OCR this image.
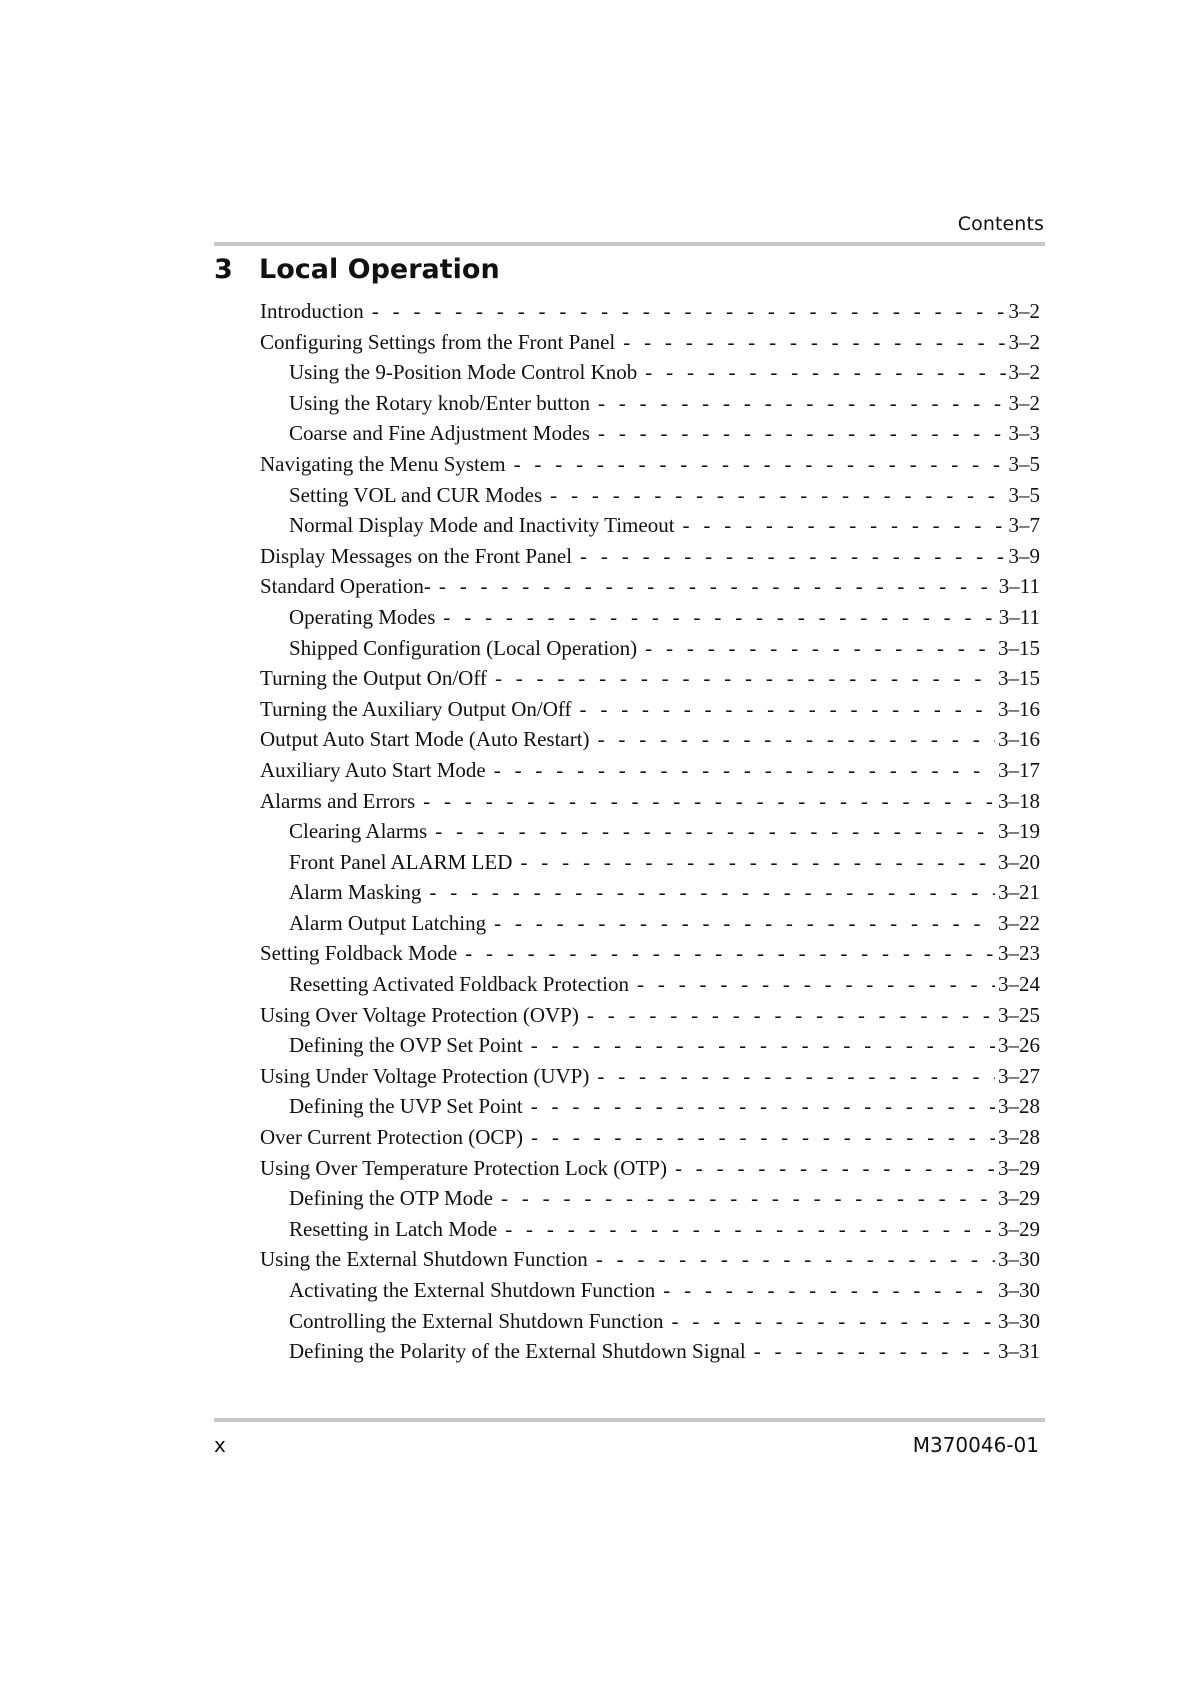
Contents
3 Local Operation
Introduction - - -	3–2
Configuring Settings from the Front Panel - - -	3–2
Using the 9-Position Mode Control Knob - - -	3–2
Using the Rotary knob/Enter button - - -	3–2
Coarse and Fine Adjustment Modes - - -	3–3
Navigating the Menu System - - -	3–5
Setting VOL and CUR Modes - - -	3–5
Normal Display Mode and Inactivity Timeout - - -	3–7
Display Messages on the Front Panel - - -	3–9
Standard Operation- - - -	3–11
Operating Modes - - -	3–11
Shipped Configuration (Local Operation) - - -	3–15
Turning the Output On/Off - - -	3–15
Turning the Auxiliary Output On/Off - - -	3–16
Output Auto Start Mode (Auto Restart) - - -	3–16
Auxiliary Auto Start Mode - - -	3–17
Alarms and Errors - - -	3–18
Clearing Alarms - - -	3–19
Front Panel ALARM LED - - -	3–20
Alarm Masking - - -	3–21
Alarm Output Latching - - -	3–22
Setting Foldback Mode - - -	3–23
Resetting Activated Foldback Protection - - -	3–24
Using Over Voltage Protection (OVP) - - -	3–25
Defining the OVP Set Point - - -	3–26
Using Under Voltage Protection (UVP) - - -	3–27
Defining the UVP Set Point - - -	3–28
Over Current Protection (OCP) - - -	3–28
Using Over Temperature Protection Lock (OTP) - - -	3–29
Defining the OTP Mode - - -	3–29
Resetting in Latch Mode - - -	3–29
Using the External Shutdown Function - - -	3–30
Activating the External Shutdown Function - - -	3–30
Controlling the External Shutdown Function - - -	3–30
Defining the Polarity of the External Shutdown Signal - - -	3–31
x	M370046-01
